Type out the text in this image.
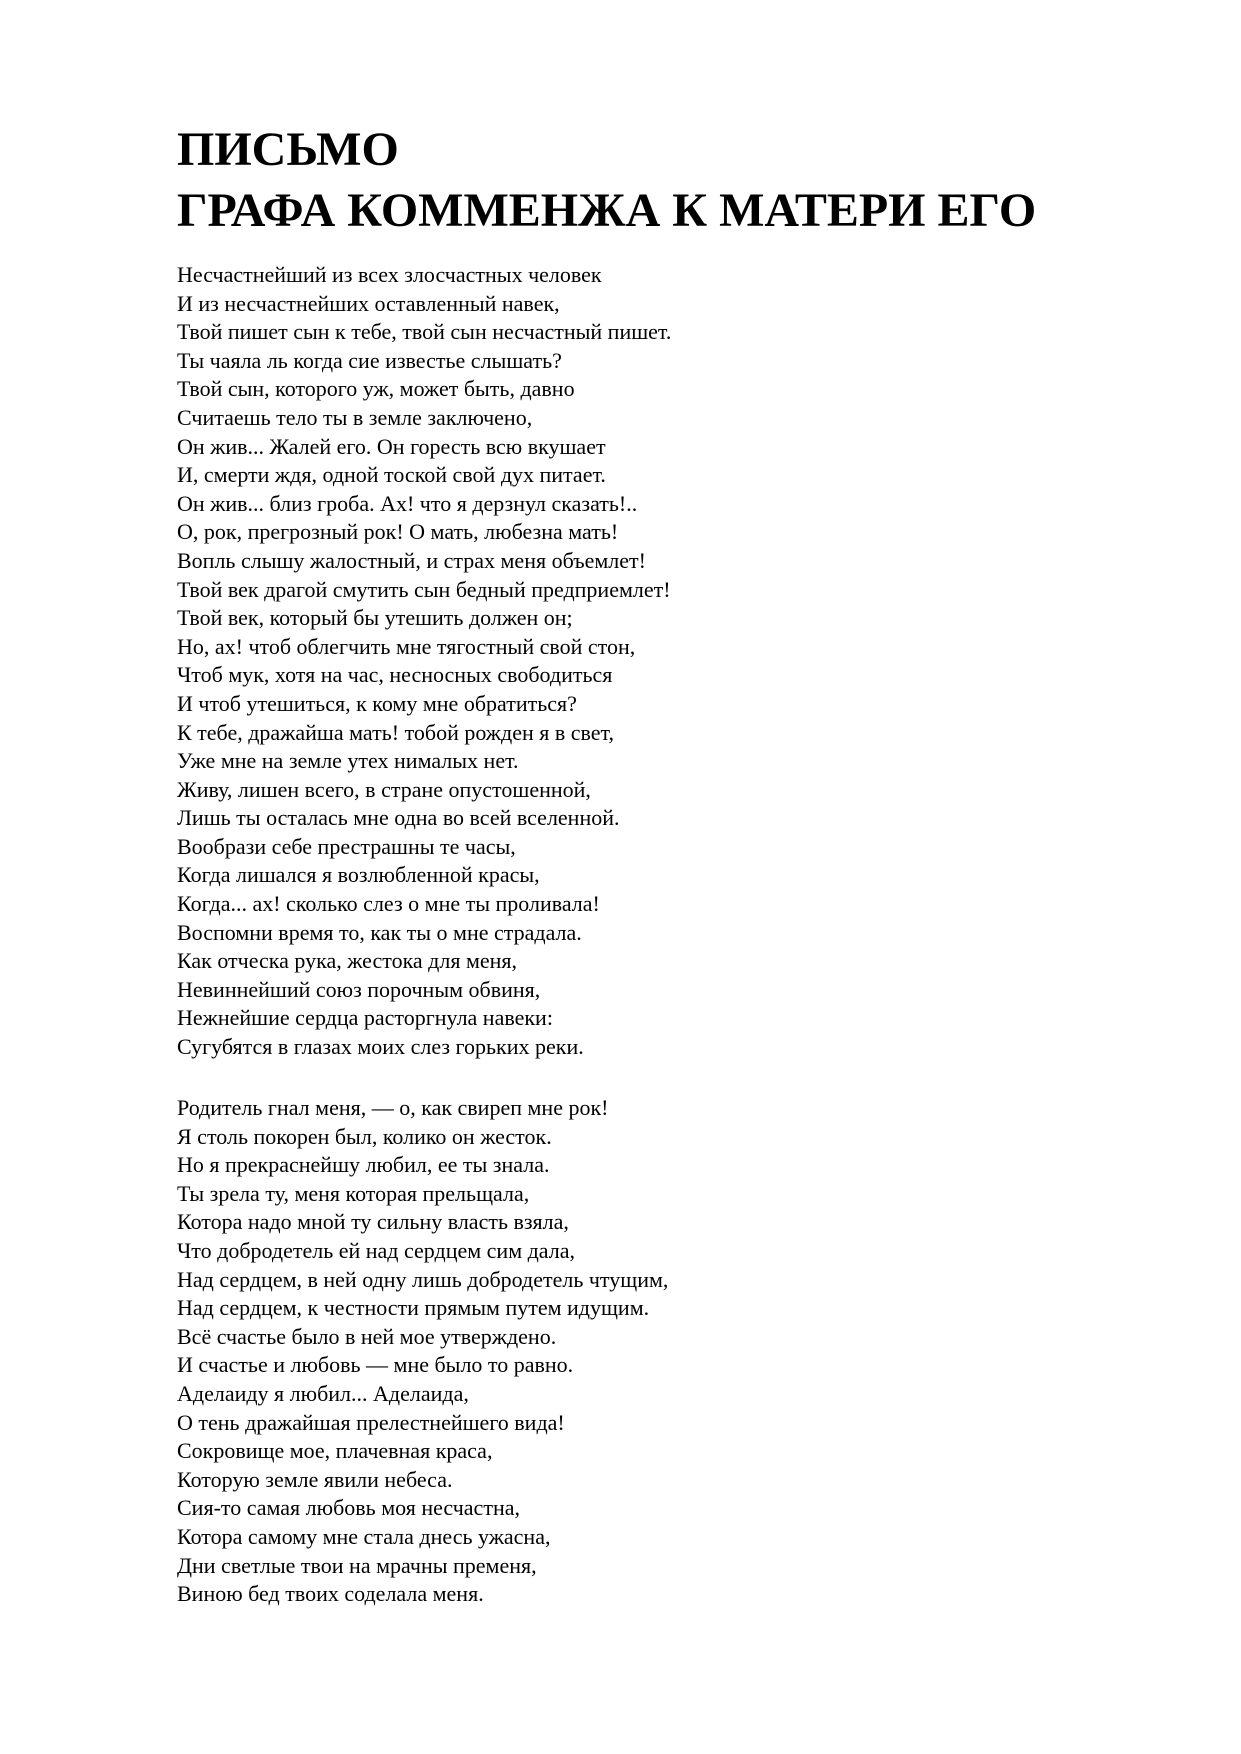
ПИСЬМО
ГРАФА КОММЕНЖА К МАТЕРИ ЕГО
Несчастнейший из всех злосчастных человек
И из несчастнейших оставленный навек,
Твой пишет сын к тебе, твой сын несчастный пишет.
Ты чаяла ль когда сие известье слышать?
Твой сын, которого уж, может быть, давно
Считаешь тело ты в земле заключено,
Он жив... Жалей его. Он горесть всю вкушает
И, смерти ждя, одной тоской свой дух питает.
Он жив... близ гроба. Ах! что я дерзнул сказать!..
О, рок, прегрозный рок! О мать, любезна мать!
Вопль слышу жалостный, и страх меня объемлет!
Твой век драгой смутить сын бедный предприемлет!
Твой век, который бы утешить должен он;
Но, ах! чтоб облегчить мне тягостный свой стон,
Чтоб мук, хотя на час, несносных свободиться
И чтоб утешиться, к кому мне обратиться?
К тебе, дражайша мать! тобой рожден я в свет,
Уже мне на земле утех нималых нет.
Живу, лишен всего, в стране опустошенной,
Лишь ты осталась мне одна во всей вселенной.
Вообрази себе престрашны те часы,
Когда лишался я возлюбленной красы,
Когда... ах! сколько слез о мне ты проливала!
Воспомни время то, как ты о мне страдала.
Как отческа рука, жестока для меня,
Невиннейший союз порочным обвиня,
Нежнейшие сердца расторгнула навеки:
Сугубятся в глазах моих слез горьких реки.
Родитель гнал меня, — о, как свиреп мне рок!
Я столь покорен был, колико он жесток.
Но я прекраснейшу любил, ее ты знала.
Ты зрела ту, меня которая прельщала,
Котора надо мной ту сильну власть взяла,
Что добродетель ей над сердцем сим дала,
Над сердцем, в ней одну лишь добродетель чтущим,
Над сердцем, к честности прямым путем идущим.
Всё счастье было в ней мое утверждено.
И счастье и любовь — мне было то равно.
Аделаиду я любил... Аделаида,
О тень дражайшая прелестнейшего вида!
Сокровище мое, плачевная краса,
Которую земле явили небеса.
Сия-то самая любовь моя несчастна,
Котора самому мне стала днесь ужасна,
Дни светлые твои на мрачны пременя,
Виною бед твоих соделала меня.
